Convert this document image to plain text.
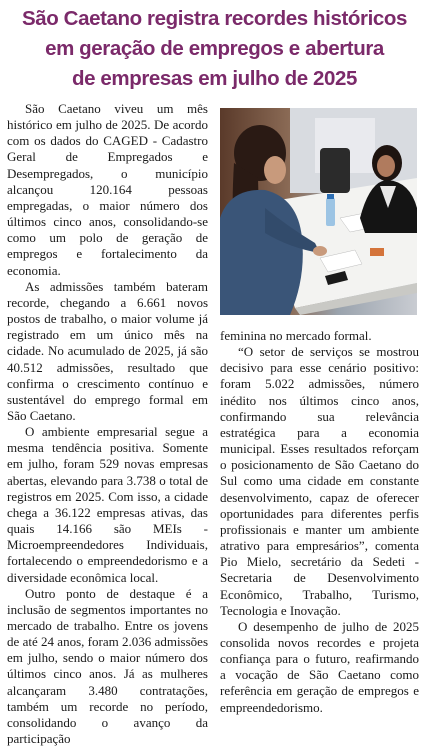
São Caetano registra recordes históricos
em geração de empregos e abertura
de empresas em julho de 2025

São Caetano viveu um mês histórico em julho de 2025. De acordo com os dados do CAGED - Cadastro Geral de Empregados e Desempregados, o município alcançou 120.164 pessoas empregadas, o maior número dos últimos cinco anos, consolidando-se como um polo de geração de empregos e fortalecimento da economia.

As admissões também bateram recorde, chegando a 6.661 novos postos de trabalho, o maior volume já registrado em um único mês na cidade. No acumulado de 2025, já são 40.512 admissões, resultado que confirma o crescimento contínuo e sustentável do emprego formal em São Caetano.

O ambiente empresarial segue a mesma tendência positiva. Somente em julho, foram 529 novas empresas abertas, elevando para 3.738 o total de registros em 2025. Com isso, a cidade chega a 36.122 empresas ativas, das quais 14.166 são MEIs - Microempreendedores Individuais, fortalecendo o empreendedorismo e a diversidade econômica local.

Outro ponto de destaque é a inclusão de segmentos importantes no mercado de trabalho. Entre os jovens de até 24 anos, foram 2.036 admissões em julho, sendo o maior número dos últimos cinco anos. Já as mulheres alcançaram 3.480 contratações, também um recorde no período, consolidando o avanço da participação

feminina no mercado formal.

“O setor de serviços se mostrou decisivo para esse cenário positivo: foram 5.022 admissões, número inédito nos últimos cinco anos, confirmando sua relevância estratégica para a economia municipal. Esses resultados reforçam o posicionamento de São Caetano do Sul como uma cidade em constante desenvolvimento, capaz de oferecer oportunidades para diferentes perfis profissionais e manter um ambiente atrativo para empresários”, comenta Pio Mielo, secretário da Sedeti - Secretaria de Desenvolvimento Econômico, Trabalho, Turismo, Tecnologia e Inovação.

O desempenho de julho de 2025 consolida novos recordes e projeta confiança para o futuro, reafirmando a vocação de São Caetano como referência em geração de empregos e empreendedorismo.
